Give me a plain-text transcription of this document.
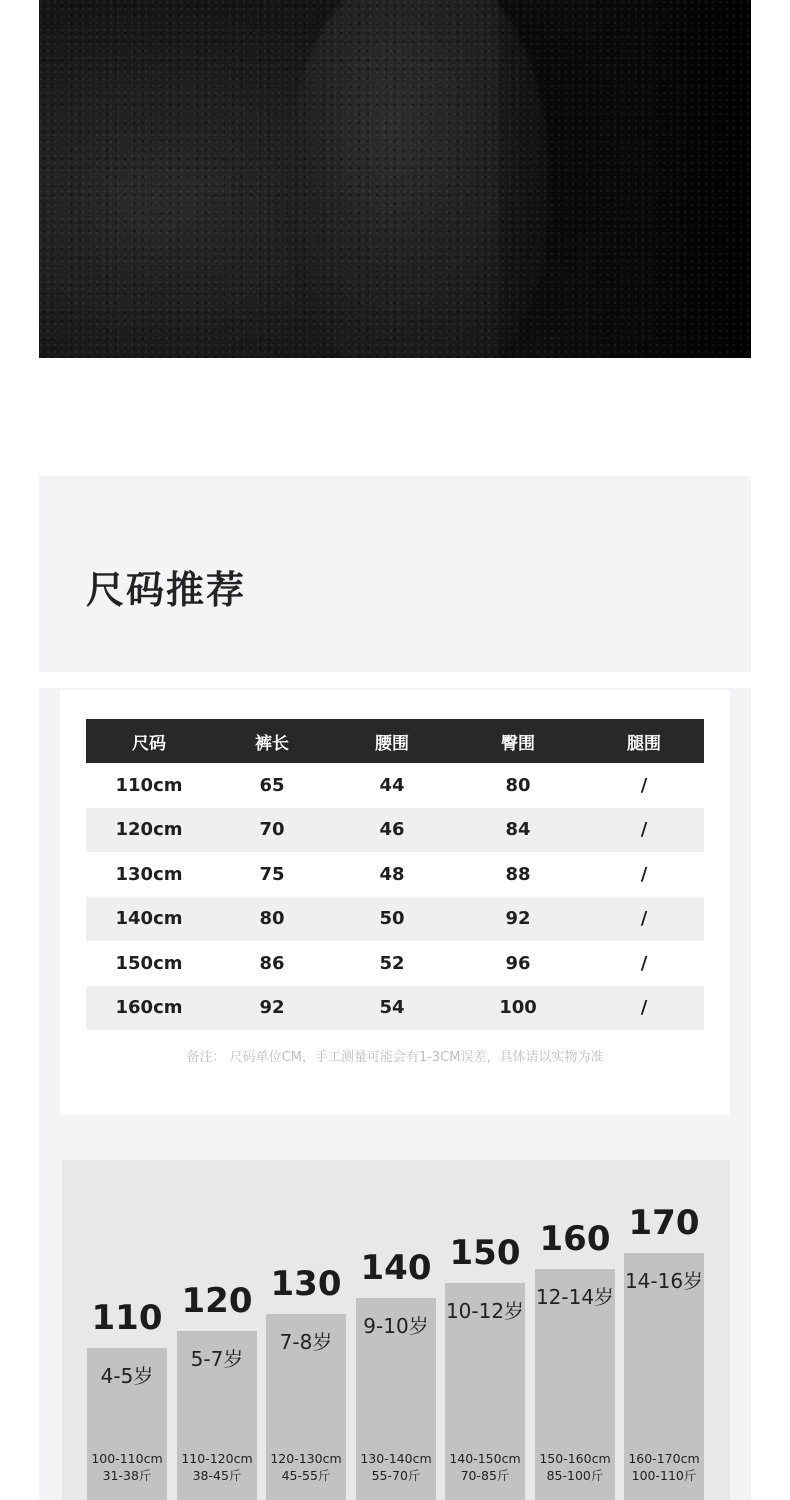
尺码推荐
尺码	裤长	腰围	臀围	腿围
110cm	65	44	80	/
120cm	70	46	84	/
130cm	75	48	88	/
140cm	80	50	92	/
150cm	86	52	96	/
160cm	92	54	100	/
备注： 尺码单位CM，手工测量可能会有1-3CM误差，具体请以实物为准
110
4-5岁
100-110cm
31-38斤
120
5-7岁
110-120cm
38-45斤
130
7-8岁
120-130cm
45-55斤
140
9-10岁
130-140cm
55-70斤
150
10-12岁
140-150cm
70-85斤
160
12-14岁
150-160cm
85-100斤
170
14-16岁
160-170cm
100-110斤
